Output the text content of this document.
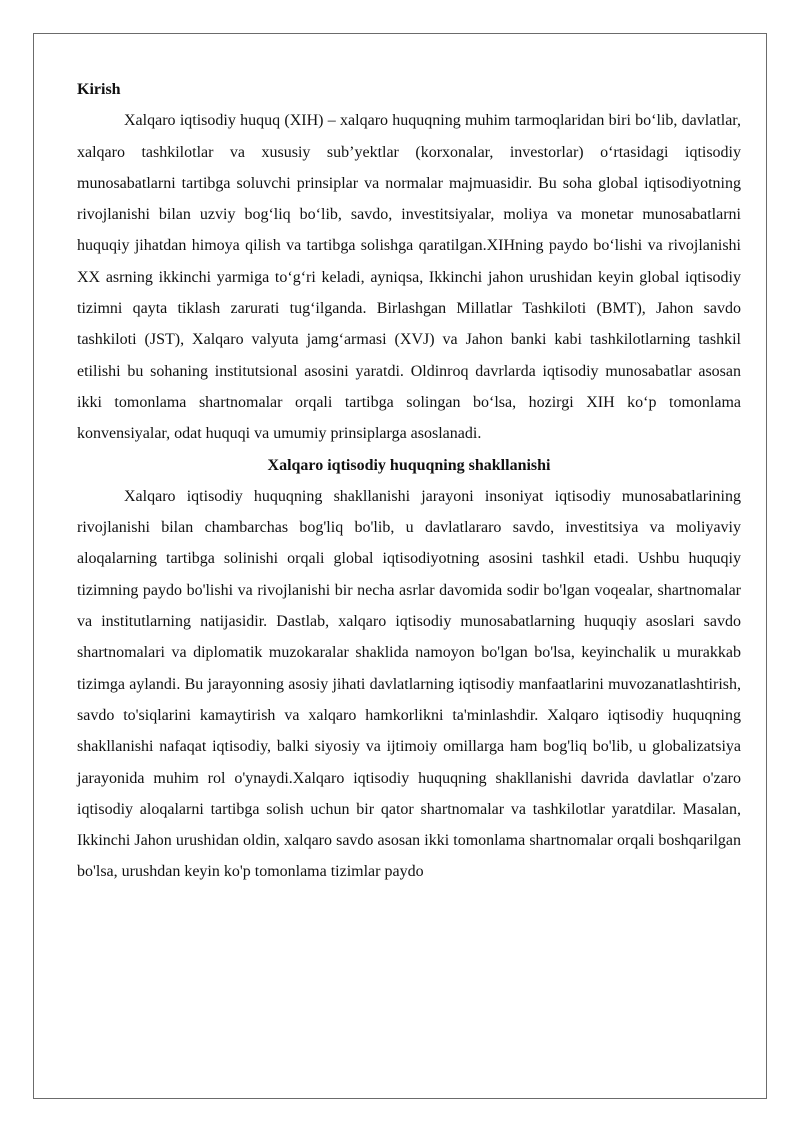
Kirish

Xalqaro iqtisodiy huquq (XIH) – xalqaro huquqning muhim tarmoqlaridan biri boʻlib, davlatlar, xalqaro tashkilotlar va xususiy sub’yektlar (korxonalar, investorlar) oʻrtasidagi iqtisodiy munosabatlarni tartibga soluvchi prinsiplar va normalar majmuasidir. Bu soha global iqtisodiyotning rivojlanishi bilan uzviy bogʻliq boʻlib, savdo, investitsiyalar, moliya va monetar munosabatlarni huquqiy jihatdan himoya qilish va tartibga solishga qaratilgan.XIHning paydo boʻlishi va rivojlanishi XX asrning ikkinchi yarmiga toʻgʻri keladi, ayniqsa, Ikkinchi jahon urushidan keyin global iqtisodiy tizimni qayta tiklash zarurati tugʻilganda. Birlashgan Millatlar Tashkiloti (BMT), Jahon savdo tashkiloti (JST), Xalqaro valyuta jamgʻarmasi (XVJ) va Jahon banki kabi tashkilotlarning tashkil etilishi bu sohaning institutsional asosini yaratdi. Oldinroq davrlarda iqtisodiy munosabatlar asosan ikki tomonlama shartnomalar orqali tartibga solingan boʻlsa, hozirgi XIH koʻp tomonlama konvensiyalar, odat huquqi va umumiy prinsiplarga asoslanadi.

Xalqaro iqtisodiy huquqning shakllanishi

Xalqaro iqtisodiy huquqning shakllanishi jarayoni insoniyat iqtisodiy munosabatlarining rivojlanishi bilan chambarchas bog'liq bo'lib, u davlatlararo savdo, investitsiya va moliyaviy aloqalarning tartibga solinishi orqali global iqtisodiyotning asosini tashkil etadi. Ushbu huquqiy tizimning paydo bo'lishi va rivojlanishi bir necha asrlar davomida sodir bo'lgan voqealar, shartnomalar va institutlarning natijasidir. Dastlab, xalqaro iqtisodiy munosabatlarning huquqiy asoslari savdo shartnomalari va diplomatik muzokaralar shaklida namoyon bo'lgan bo'lsa, keyinchalik u murakkab tizimga aylandi. Bu jarayonning asosiy jihati davlatlarning iqtisodiy manfaatlarini muvozanatlashtirish, savdo to'siqlarini kamaytirish va xalqaro hamkorlikni ta'minlashdir. Xalqaro iqtisodiy huquqning shakllanishi nafaqat iqtisodiy, balki siyosiy va ijtimoiy omillarga ham bog'liq bo'lib, u globalizatsiya jarayonida muhim rol o'ynaydi.Xalqaro iqtisodiy huquqning shakllanishi davrida davlatlar o'zaro iqtisodiy aloqalarni tartibga solish uchun bir qator shartnomalar va tashkilotlar yaratdilar. Masalan, Ikkinchi Jahon urushidan oldin, xalqaro savdo asosan ikki tomonlama shartnomalar orqali boshqarilgan bo'lsa, urushdan keyin ko'p tomonlama tizimlar paydo
